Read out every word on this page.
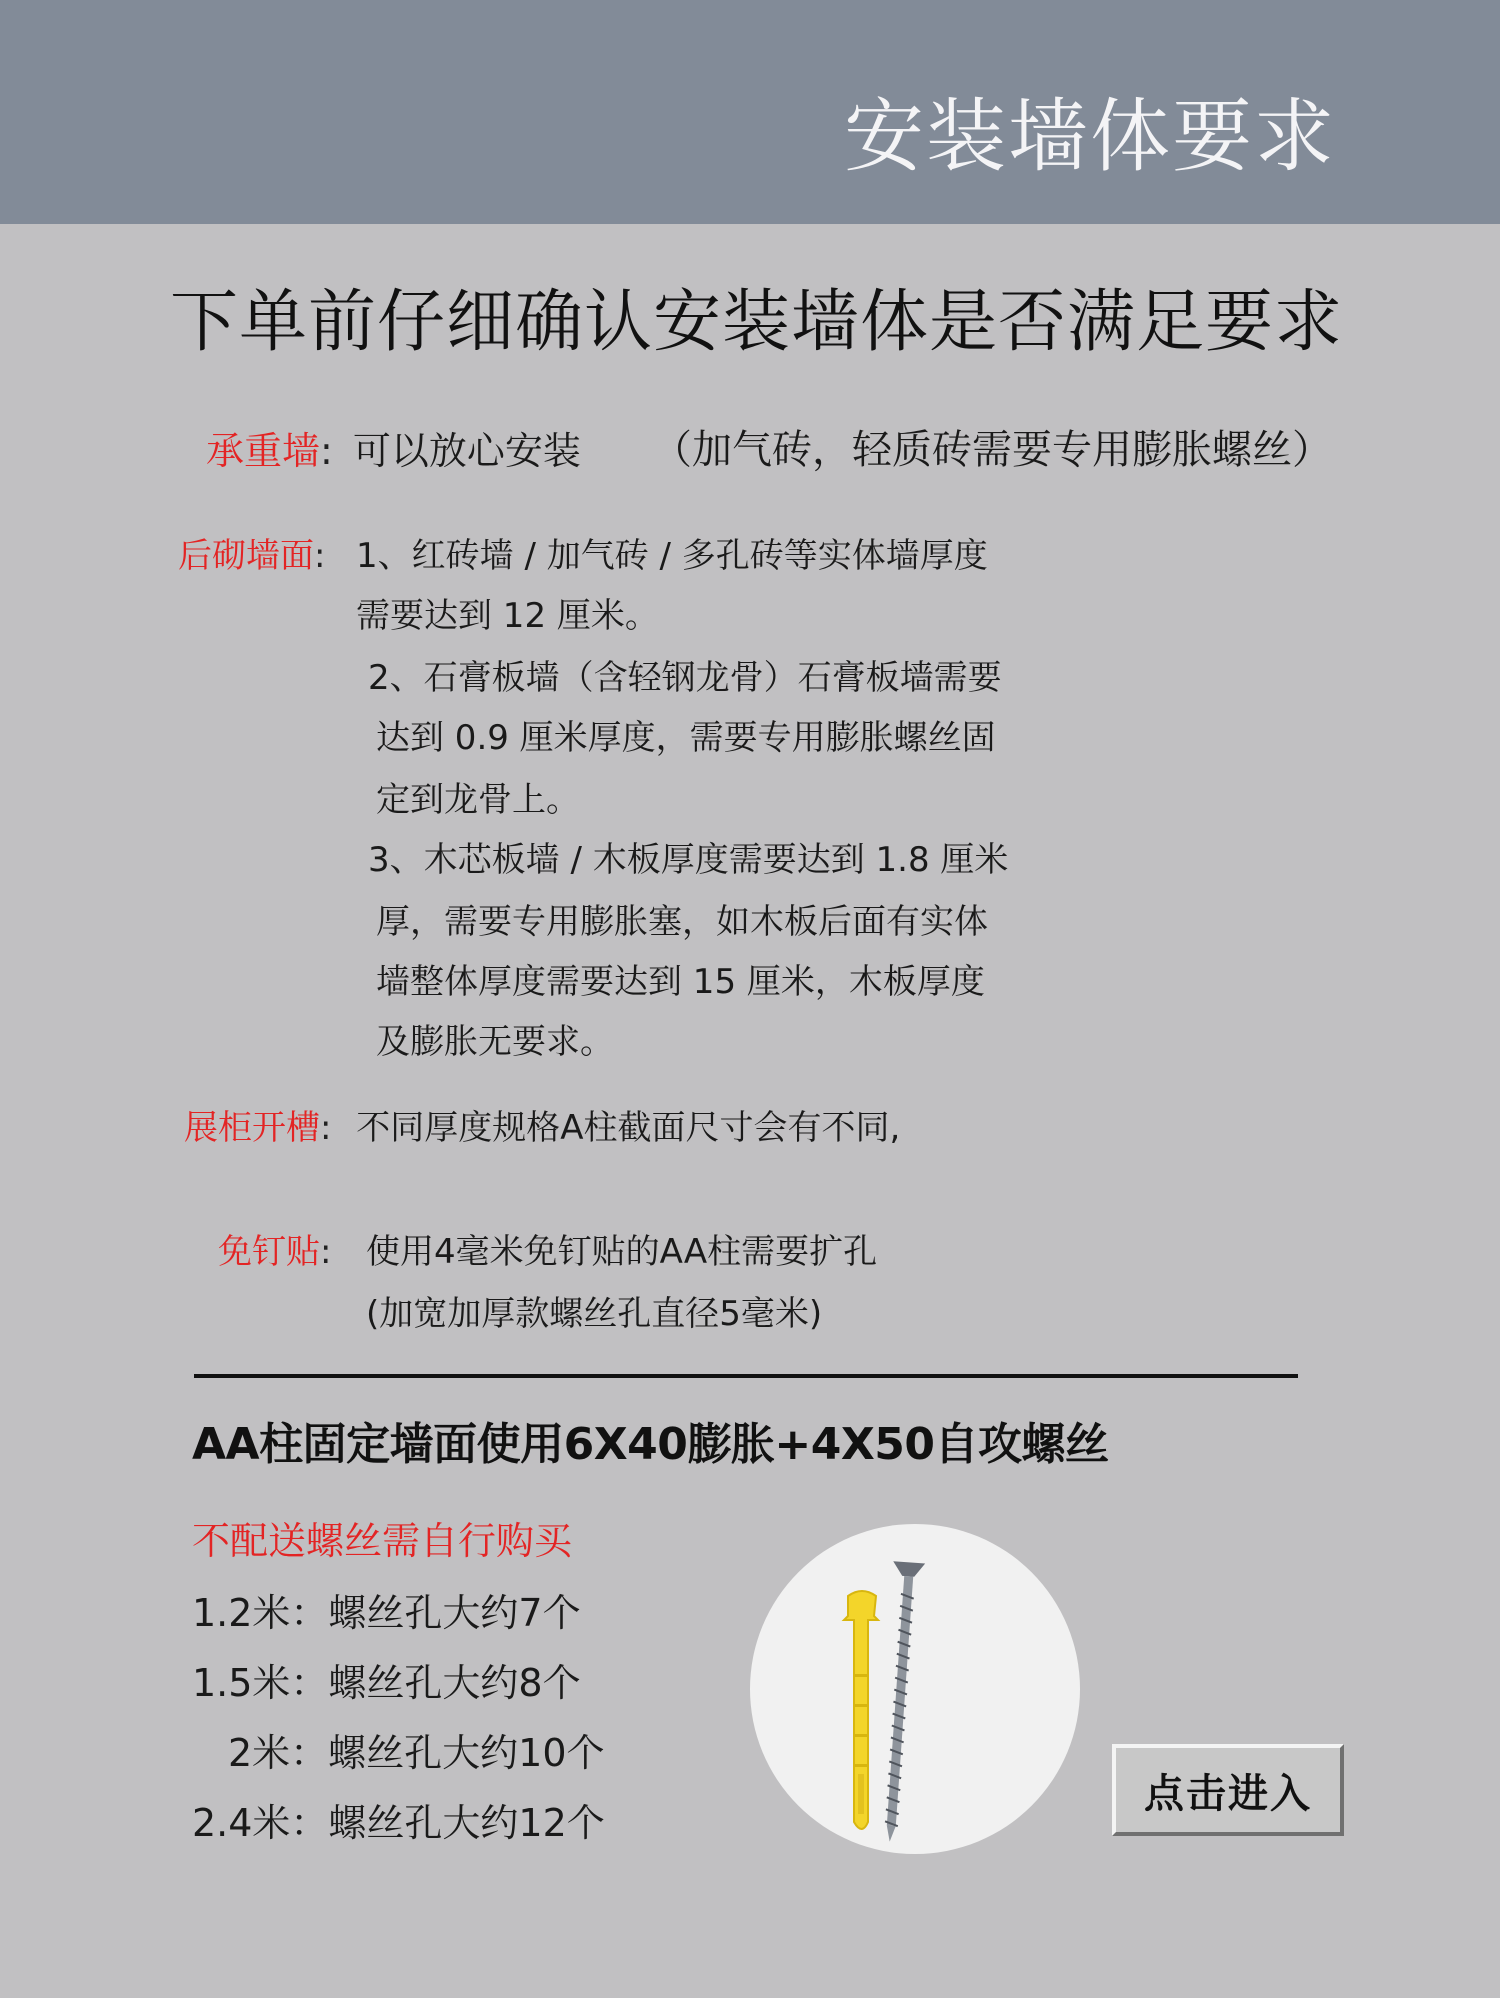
安装墙体要求
下单前仔细确认安装墙体是否满足要求
承重墙: 可以放心安装 （加气砖，轻质砖需要专用膨胀螺丝）
后砌墙面: 1、红砖墙 / 加气砖 / 多孔砖等实体墙厚度
需要达到 12 厘米。
2、石膏板墙（含轻钢龙骨）石膏板墙需要
达到 0.9 厘米厚度，需要专用膨胀螺丝固
定到龙骨上。
3、木芯板墙 / 木板厚度需要达到 1.8 厘米
厚，需要专用膨胀塞，如木板后面有实体
墙整体厚度需要达到 15 厘米，木板厚度
及膨胀无要求。
展柜开槽: 不同厚度规格A柱截面尺寸会有不同,
免钉贴: 使用4毫米免钉贴的AA柱需要扩孔
(加宽加厚款螺丝孔直径5毫米)
AA柱固定墙面使用6X40膨胀+4X50自攻螺丝
不配送螺丝需自行购买
1.2米：螺丝孔大约7个
1.5米：螺丝孔大约8个
2米：螺丝孔大约10个
2.4米：螺丝孔大约12个
点击进入
